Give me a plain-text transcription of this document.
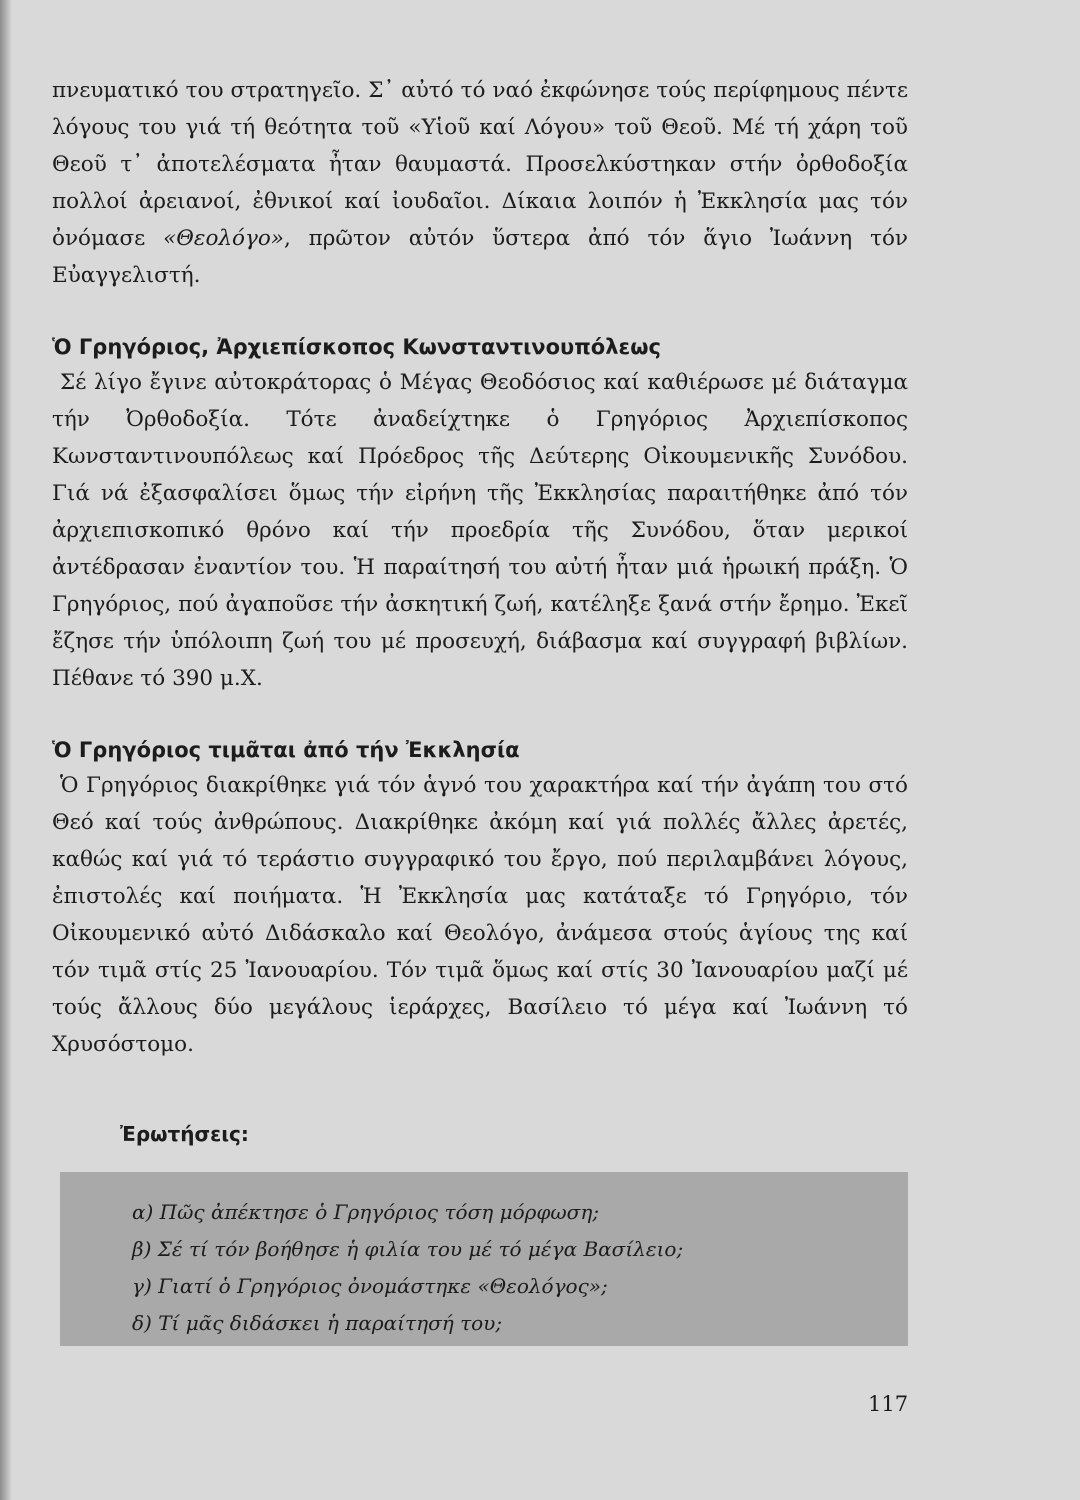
πνευματικό του στρατηγεῖο. Σ᾿ αὐτό τό ναό ἐκφώνησε τούς περίφημους πέντε λόγους του γιά τή θεότητα τοῦ «Υἱοῦ καί Λόγου» τοῦ Θεοῦ. Μέ τή χάρη τοῦ Θεοῦ τ᾿ ἀποτελέσματα ἦταν θαυμαστά. Προσελκύστηκαν στήν ὀρθοδοξία πολλοί ἀρειανοί, ἐθνικοί καί ἰουδαῖοι. Δίκαια λοιπόν ἡ Ἐκκλησία μας τόν ὀνόμασε «Θεολόγο», πρῶτον αὐτόν ὕστερα ἀπό τόν ἅγιο Ἰωάννη τόν Εὐαγγελιστή.

Ὁ Γρηγόριος, Ἀρχιεπίσκοπος Κωνσταντινουπόλεως

Σέ λίγο ἔγινε αὐτοκράτορας ὁ Μέγας Θεοδόσιος καί καθιέρωσε μέ διάταγμα τήν Ὀρθοδοξία. Τότε ἀναδείχτηκε ὁ Γρηγόριος Ἀρχιεπίσκοπος Κωνσταντινουπόλεως καί Πρόεδρος τῆς Δεύτερης Οἰκουμενικῆς Συνόδου. Γιά νά ἐξασφαλίσει ὅμως τήν εἰρήνη τῆς Ἐκκλησίας παραιτήθηκε ἀπό τόν ἀρχιεπισκοπικό θρόνο καί τήν προεδρία τῆς Συνόδου, ὅταν μερικοί ἀντέδρασαν ἐναντίον του. Ἡ παραίτησή του αὐτή ἦταν μιά ἡρωική πράξη. Ὁ Γρηγόριος, πού ἀγαποῦσε τήν ἀσκητική ζωή, κατέληξε ξανά στήν ἔρημο. Ἐκεῖ ἔζησε τήν ὑπόλοιπη ζωή του μέ προσευχή, διάβασμα καί συγγραφή βιβλίων. Πέθανε τό 390 μ.Χ.

Ὁ Γρηγόριος τιμᾶται ἀπό τήν Ἐκκλησία

Ὁ Γρηγόριος διακρίθηκε γιά τόν ἁγνό του χαρακτήρα καί τήν ἀγάπη του στό Θεό καί τούς ἀνθρώπους. Διακρίθηκε ἀκόμη καί γιά πολλές ἄλλες ἀρετές, καθώς καί γιά τό τεράστιο συγγραφικό του ἔργο, πού περιλαμβάνει λόγους, ἐπιστολές καί ποιήματα. Ἡ Ἐκκλησία μας κατάταξε τό Γρηγόριο, τόν Οἰκουμενικό αὐτό Διδάσκαλο καί Θεολόγο, ἀνάμεσα στούς ἁγίους της καί τόν τιμᾶ στίς 25 Ἰανουαρίου. Τόν τιμᾶ ὅμως καί στίς 30 Ἰανουαρίου μαζί μέ τούς ἄλλους δύο μεγάλους ἱεράρχες, Βασίλειο τό μέγα καί Ἰωάννη τό Χρυσόστομο.

Ἐρωτήσεις:
α) Πῶς ἀπέκτησε ὁ Γρηγόριος τόση μόρφωση;
β) Σέ τί τόν βοήθησε ἡ φιλία του μέ τό μέγα Βασίλειο;
γ) Γιατί ὁ Γρηγόριος ὀνομάστηκε «Θεολόγος»;
δ) Τί μᾶς διδάσκει ἡ παραίτησή του;
117
